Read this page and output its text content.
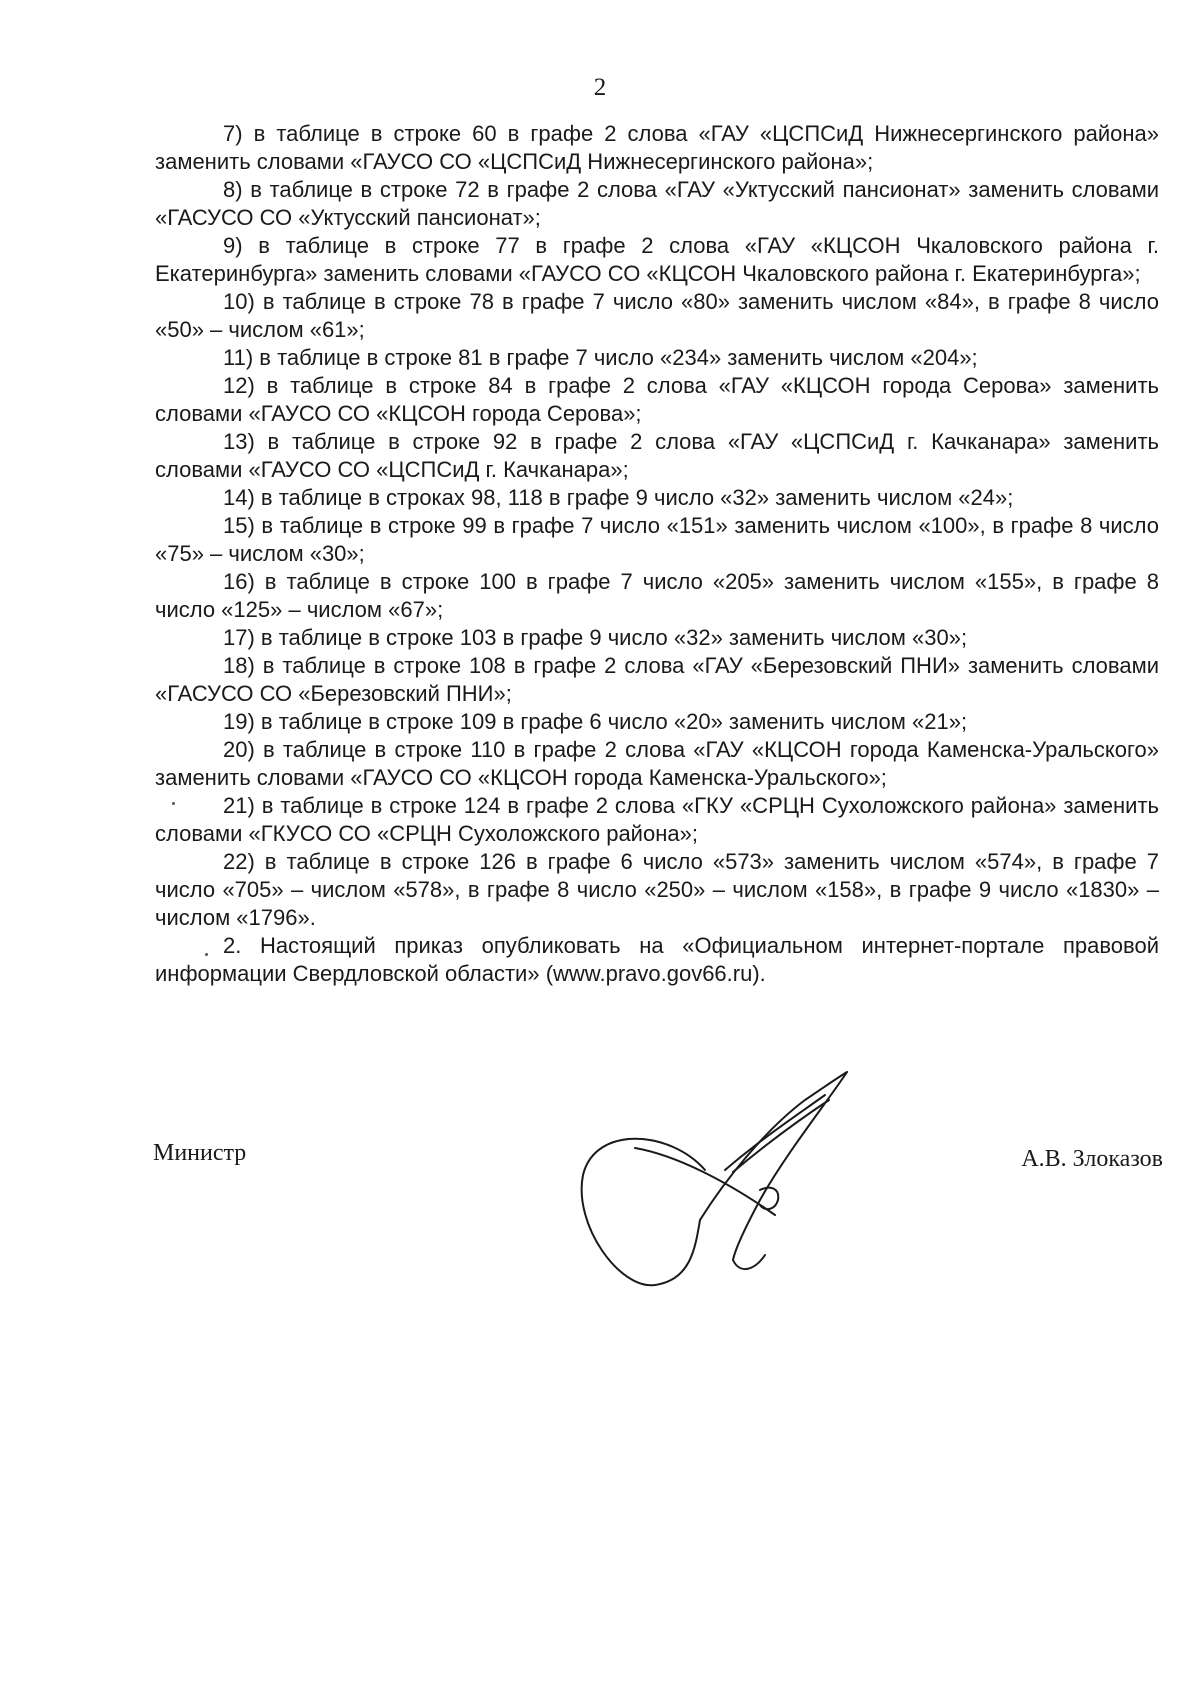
2

7) в таблице в строке 60 в графе 2 слова «ГАУ «ЦСПСиД Нижнесергинского района» заменить словами «ГАУСО СО «ЦСПСиД Нижнесергинского района»;

8) в таблице в строке 72 в графе 2 слова «ГАУ «Уктусский пансионат» заменить словами «ГАСУСО СО «Уктусский пансионат»;

9) в таблице в строке 77 в графе 2 слова «ГАУ «КЦСОН Чкаловского района г. Екатеринбурга» заменить словами «ГАУСО СО «КЦСОН Чкаловского района г. Екатеринбурга»;

10) в таблице в строке 78 в графе 7 число «80» заменить числом «84», в графе 8 число «50» – числом «61»;

11) в таблице в строке 81 в графе 7 число «234» заменить числом «204»;

12) в таблице в строке 84 в графе 2 слова «ГАУ «КЦСОН города Серова» заменить словами «ГАУСО СО «КЦСОН города Серова»;

13) в таблице в строке 92 в графе 2 слова «ГАУ «ЦСПСиД г. Качканара» заменить словами «ГАУСО СО «ЦСПСиД г. Качканара»;

14) в таблице в строках 98, 118 в графе 9 число «32» заменить числом «24»;

15) в таблице в строке 99 в графе 7 число «151» заменить числом «100», в графе 8 число «75» – числом «30»;

16) в таблице в строке 100 в графе 7 число «205» заменить числом «155», в графе 8 число «125» – числом «67»;

17) в таблице в строке 103 в графе 9 число «32» заменить числом «30»;

18) в таблице в строке 108 в графе 2 слова «ГАУ «Березовский ПНИ» заменить словами «ГАСУСО СО «Березовский ПНИ»;

19) в таблице в строке 109 в графе 6 число «20» заменить числом «21»;

20) в таблице в строке 110 в графе 2 слова «ГАУ «КЦСОН города Каменска-Уральского» заменить словами «ГАУСО СО «КЦСОН города Каменска-Уральского»;

21) в таблице в строке 124 в графе 2 слова «ГКУ «СРЦН Сухоложского района» заменить словами «ГКУСО СО «СРЦН Сухоложского района»;

22) в таблице в строке 126 в графе 6 число «573» заменить числом «574», в графе 7 число «705» – числом «578», в графе 8 число «250» – числом «158», в графе 9 число «1830» – числом «1796».

2. Настоящий приказ опубликовать на «Официальном интернет-портале правовой информации Свердловской области» (www.pravo.gov66.ru).

Министр	А.В. Злоказов
